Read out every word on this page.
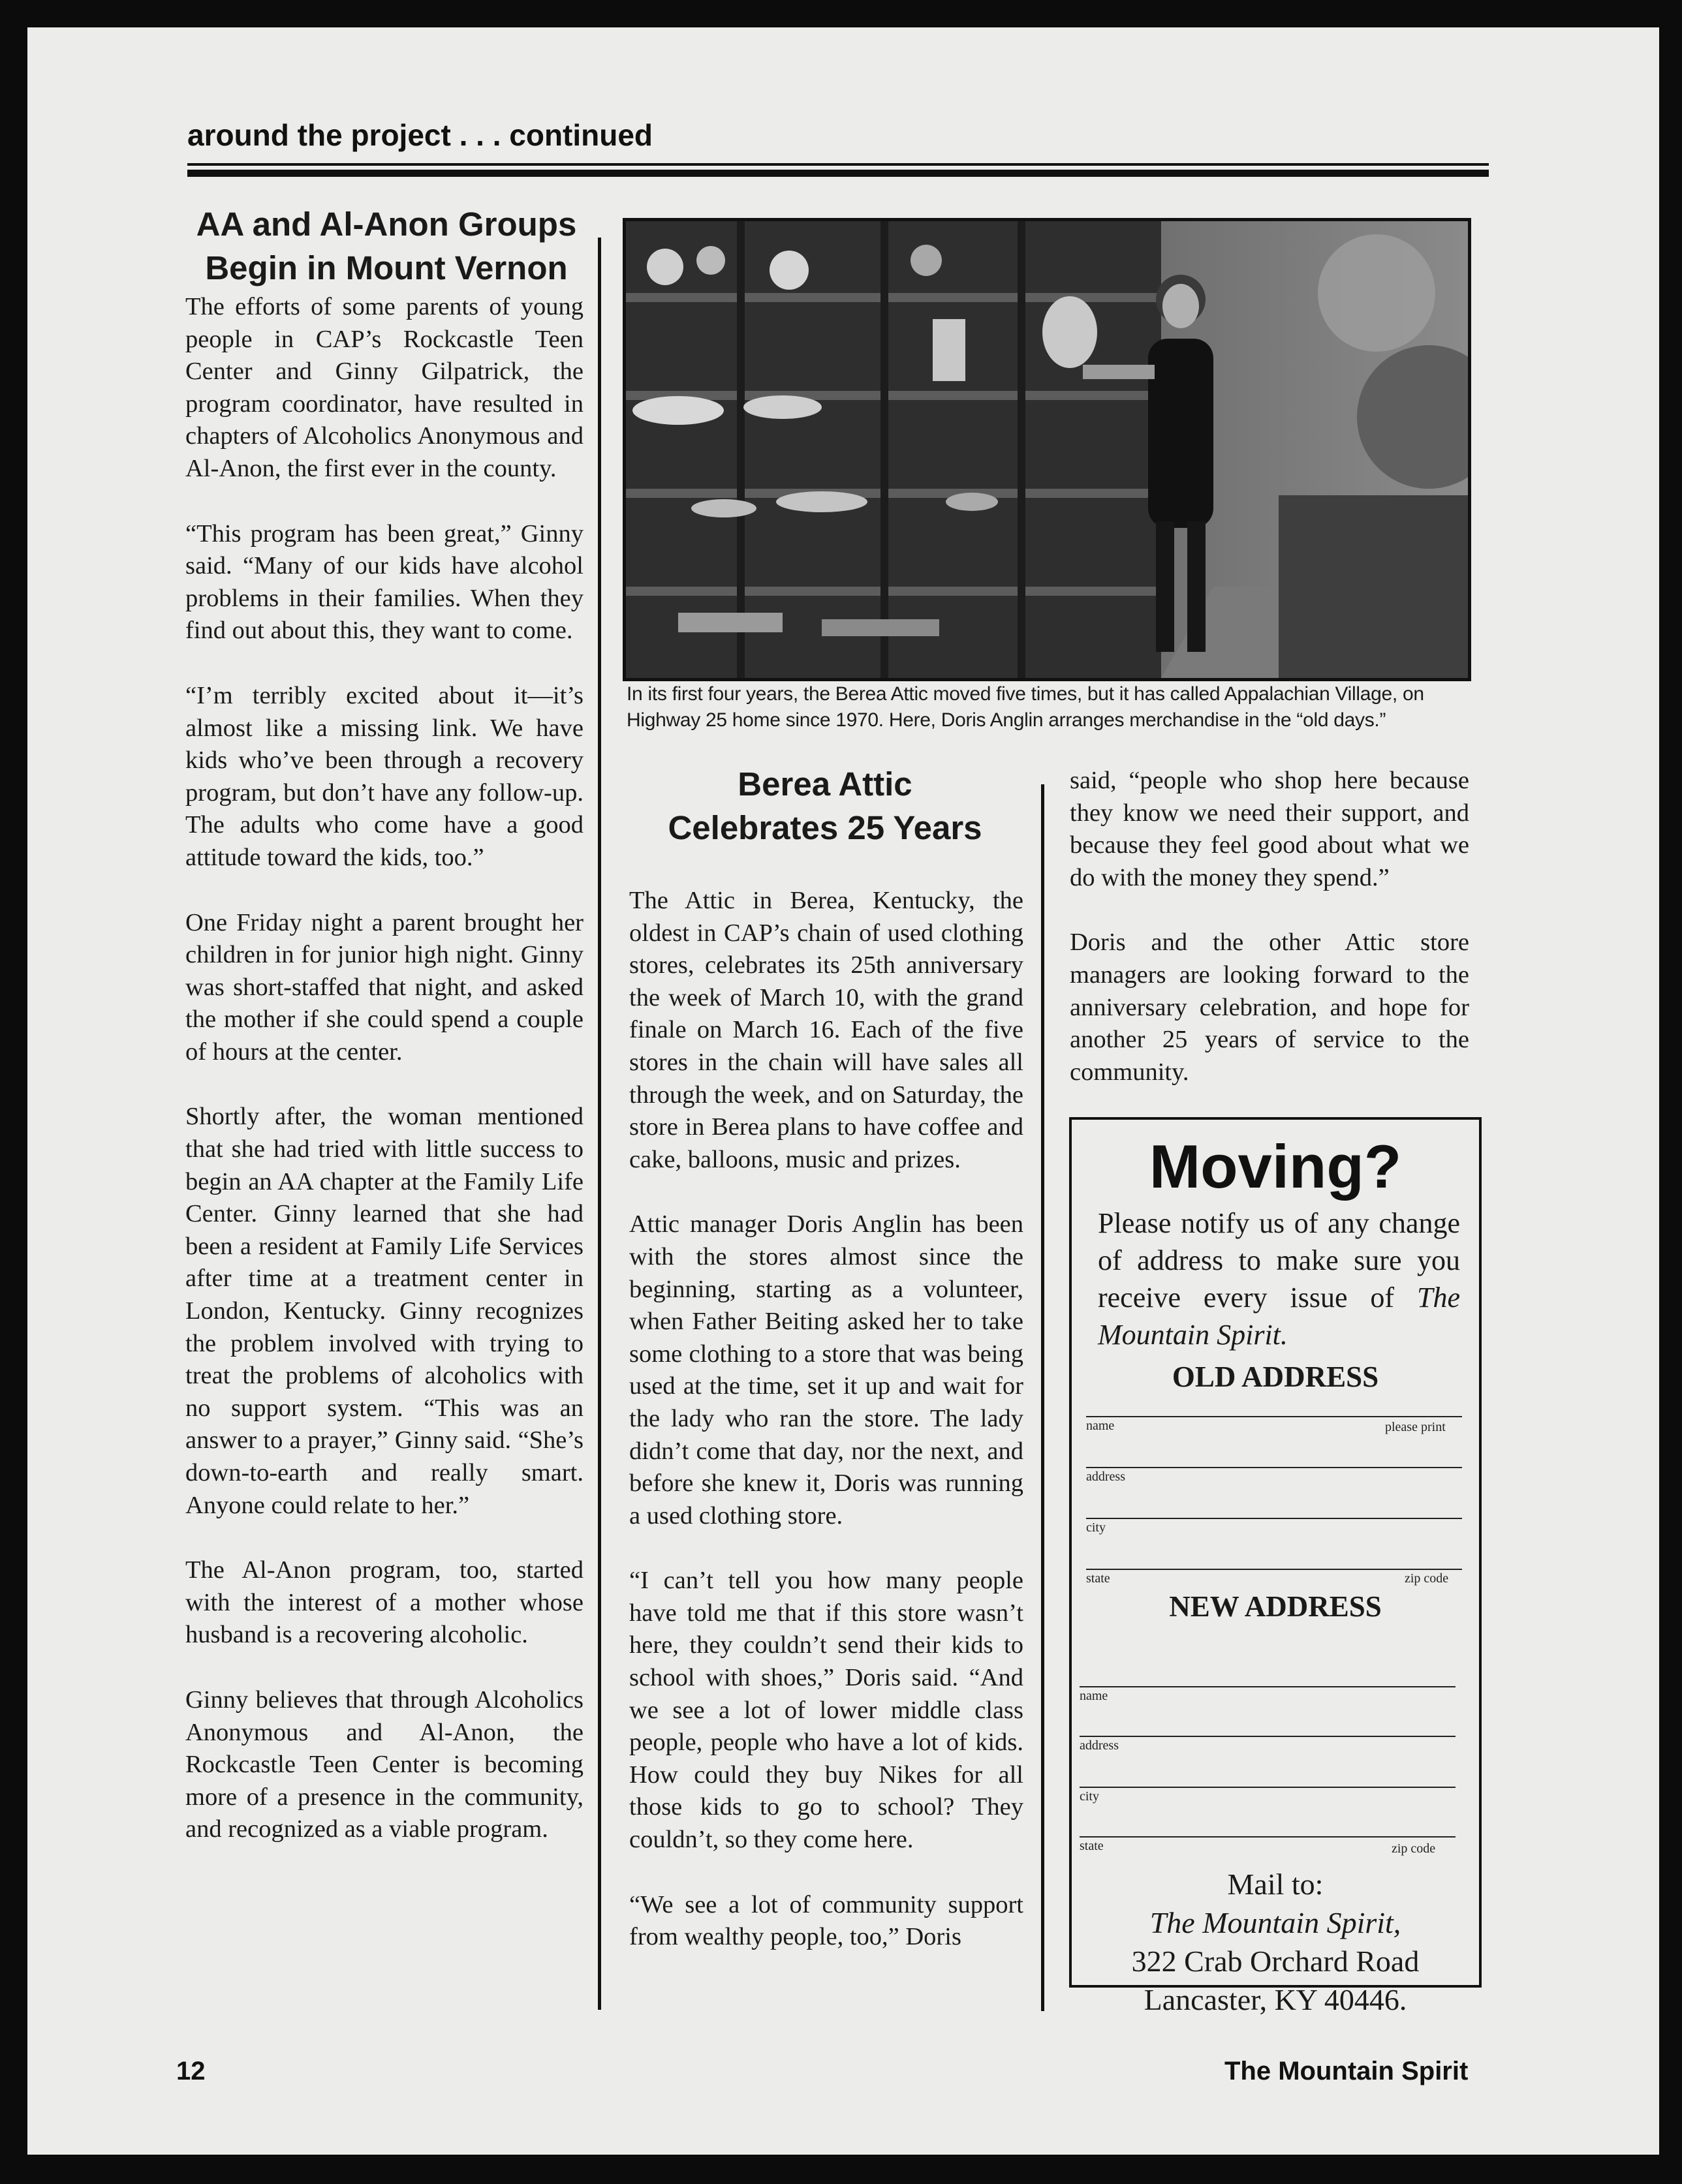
around the project . . . continued
AA and Al-Anon Groups
Begin in Mount Vernon

The efforts of some parents of young people in CAP’s Rockcastle Teen Center and Ginny Gilpatrick, the program coordinator, have resulted in chapters of Alcoholics Anonymous and Al-Anon, the first ever in the county.

“This program has been great,” Ginny said. “Many of our kids have alcohol problems in their families. When they find out about this, they want to come.

“I’m terribly excited about it—it’s almost like a missing link. We have kids who’ve been through a recovery program, but don’t have any follow-up. The adults who come have a good attitude toward the kids, too.”

One Friday night a parent brought her children in for junior high night. Ginny was short-staffed that night, and asked the mother if she could spend a couple of hours at the center.

Shortly after, the woman mentioned that she had tried with little success to begin an AA chapter at the Family Life Center. Ginny learned that she had been a resident at Family Life Services after time at a treatment center in London, Kentucky. Ginny recognizes the problem involved with trying to treat the problems of alcoholics with no support system. “This was an answer to a prayer,” Ginny said. “She’s down-to-earth and really smart. Anyone could relate to her.”

The Al-Anon program, too, started with the interest of a mother whose husband is a recovering alcoholic.

Ginny believes that through Alcoholics Anonymous and Al-Anon, the Rockcastle Teen Center is becoming more of a presence in the community, and recognized as a viable program.

In its first four years, the Berea Attic moved five times, but it has called Appalachian Village, on Highway 25 home since 1970. Here, Doris Anglin arranges merchandise in the “old days.”
Berea Attic
Celebrates 25 Years

The Attic in Berea, Kentucky, the oldest in CAP’s chain of used clothing stores, celebrates its 25th anniversary the week of March 10, with the grand finale on March 16. Each of the five stores in the chain will have sales all through the week, and on Saturday, the store in Berea plans to have coffee and cake, balloons, music and prizes.

Attic manager Doris Anglin has been with the stores almost since the beginning, starting as a volunteer, when Father Beiting asked her to take some clothing to a store that was being used at the time, set it up and wait for the lady who ran the store. The lady didn’t come that day, nor the next, and before she knew it, Doris was running a used clothing store.

“I can’t tell you how many people have told me that if this store wasn’t here, they couldn’t send their kids to school with shoes,” Doris said. “And we see a lot of lower middle class people, people who have a lot of kids. How could they buy Nikes for all those kids to go to school? They couldn’t, so they come here.

“We see a lot of community support from wealthy people, too,” Doris

said, “people who shop here because they know we need their support, and because they feel good about what we do with the money they spend.”

Doris and the other Attic store managers are looking forward to the anniversary celebration, and hope for another 25 years of service to the community.

Moving?
Please notify us of any change of address to make sure you receive every issue of The Mountain Spirit.
OLD ADDRESS
name	please print
address
city
state	zip code
NEW ADDRESS
name
address
city
state	zip code
Mail to:
The Mountain Spirit,
322 Crab Orchard Road
Lancaster, KY 40446.
12	The Mountain Spirit
